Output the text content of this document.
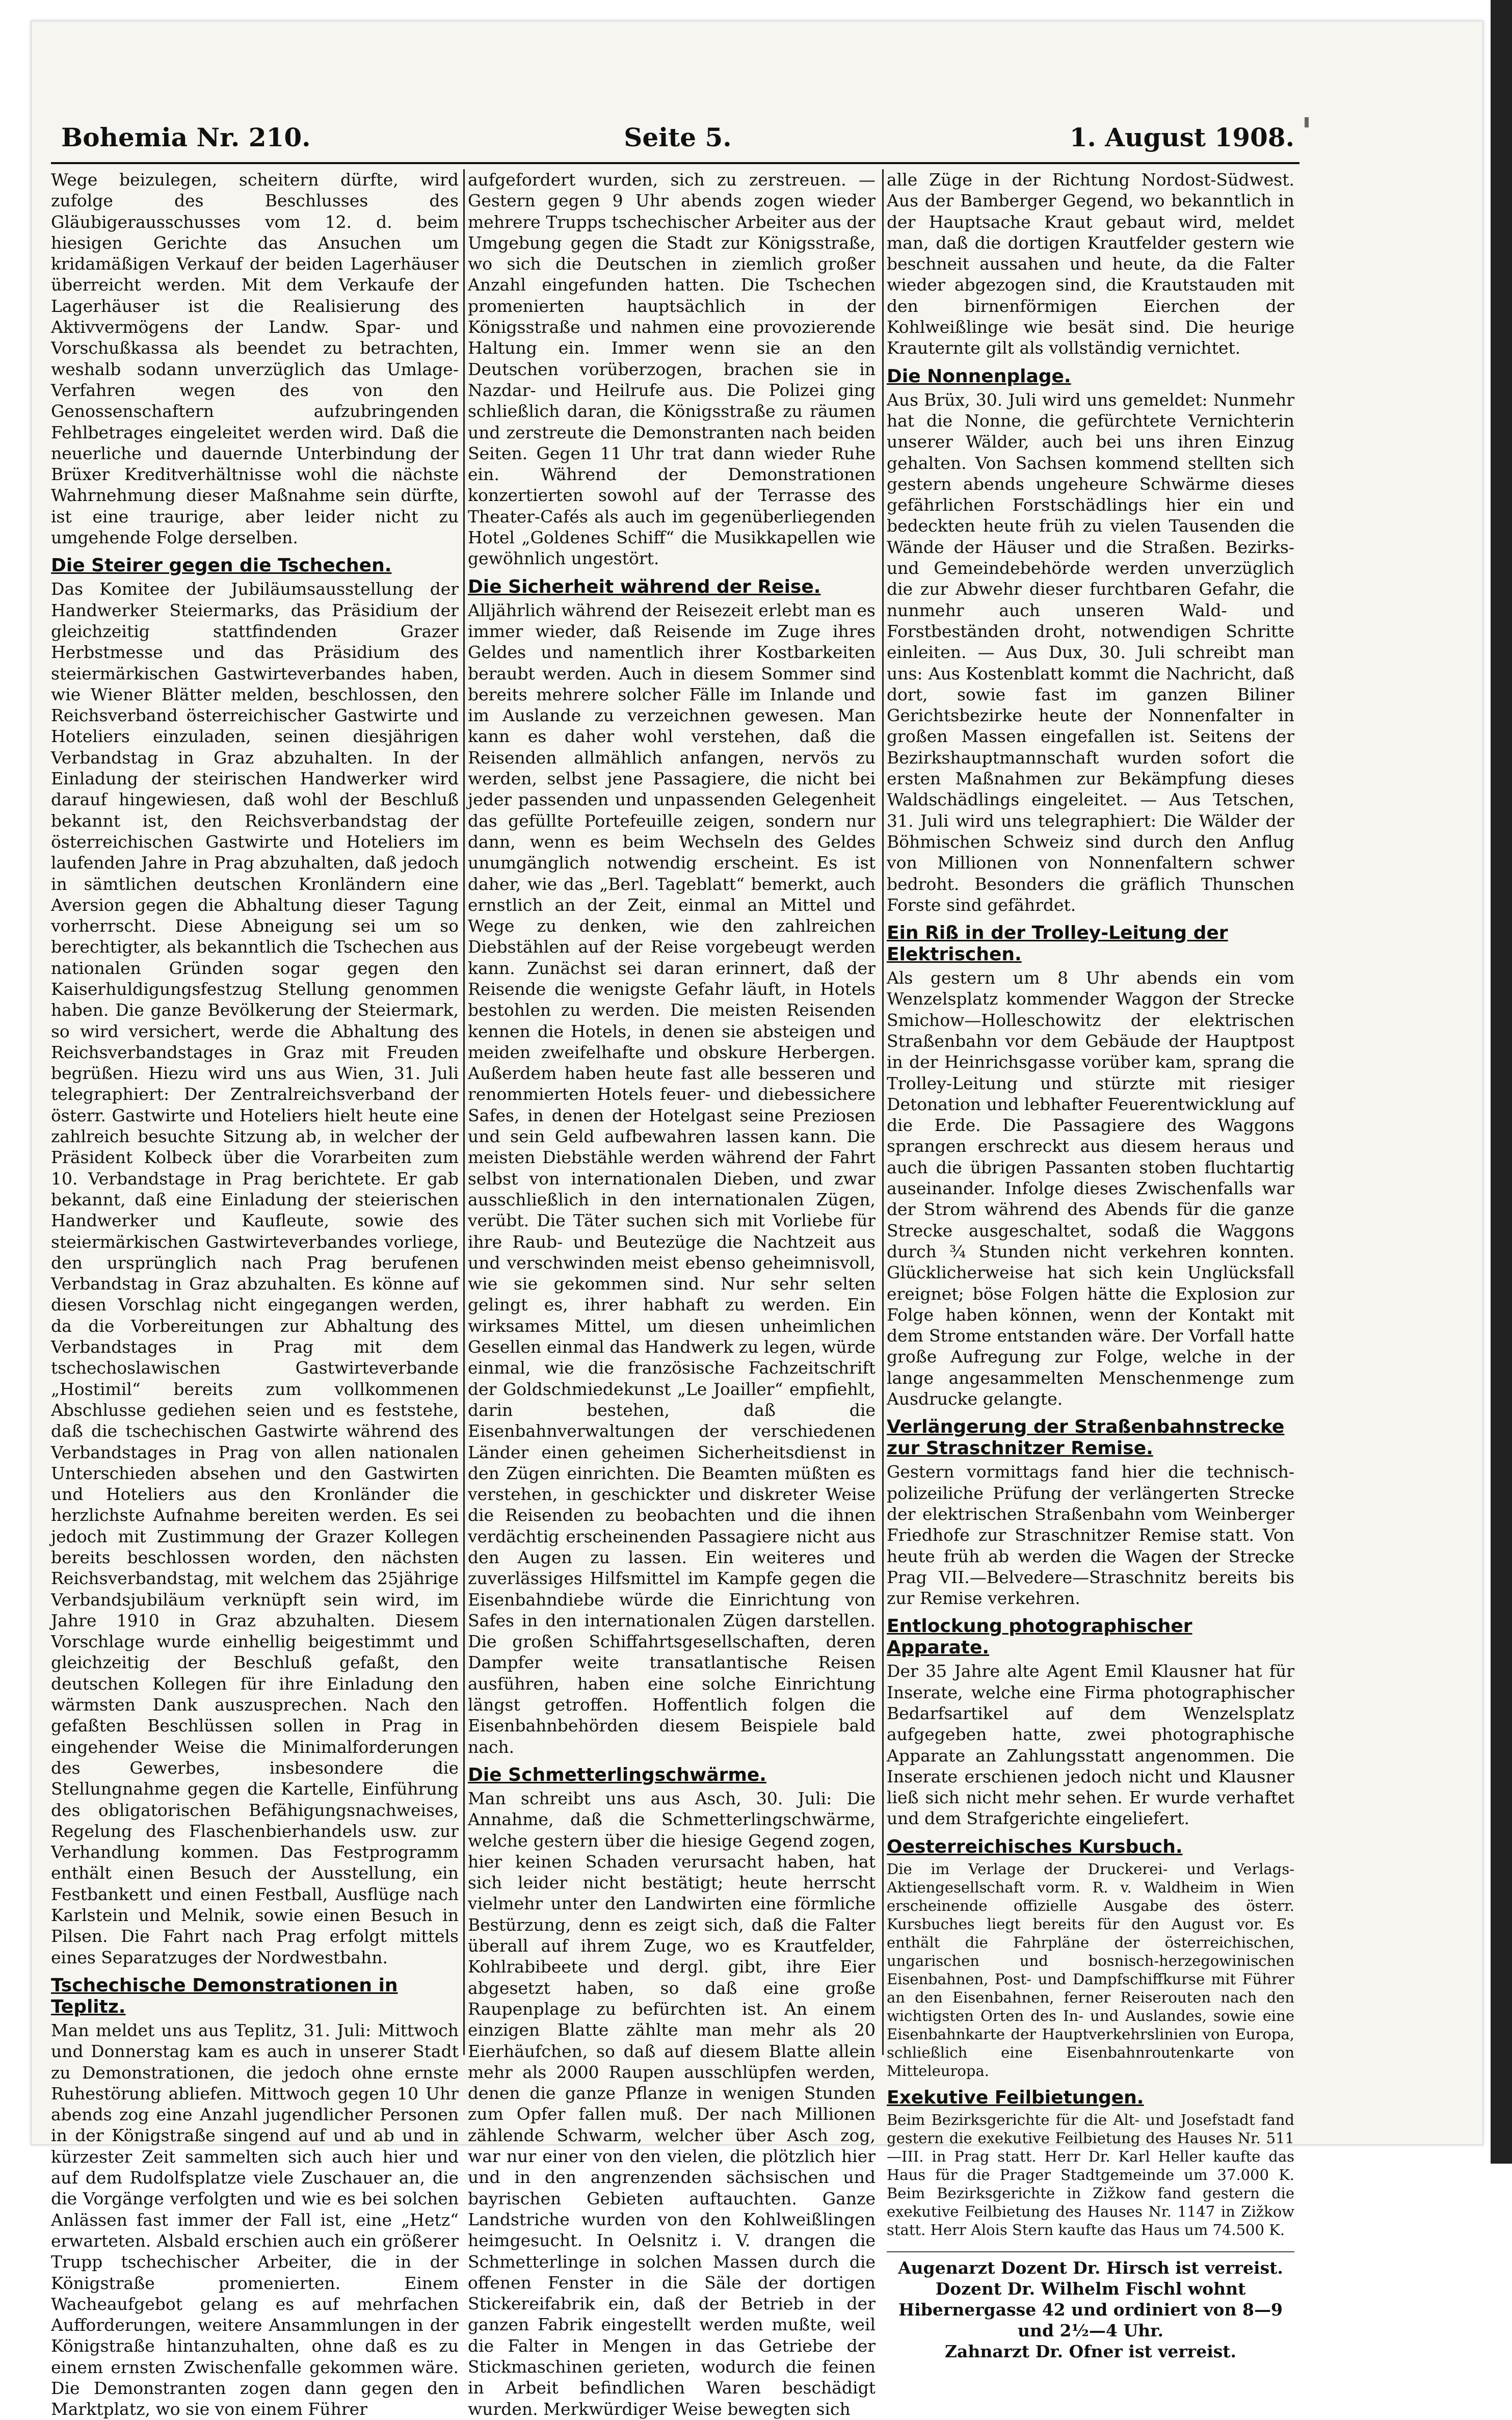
Bohemia Nr. 210.	Seite 5.	1. August 1908.

Wege beizulegen, scheitern dürfte, wird zufolge des Beschlusses des Gläubigerausschusses vom 12. d. beim hiesigen Gerichte das Ansuchen um kridamäßigen Verkauf der beiden Lagerhäuser überreicht werden. Mit dem Verkaufe der Lagerhäuser ist die Realisierung des Aktivvermögens der Landw. Spar- und Vorschußkassa als beendet zu betrachten, weshalb sodann unverzüglich das Umlage-Verfahren wegen des von den Genossenschaftern aufzubringenden Fehlbetrages eingeleitet werden wird. Daß die neuerliche und dauernde Unterbindung der Brüxer Kreditverhältnisse wohl die nächste Wahrnehmung dieser Maßnahme sein dürfte, ist eine traurige, aber leider nicht zu umgehende Folge derselben.

Die Steirer gegen die Tschechen.

Das Komitee der Jubiläumsausstellung der Handwerker Steiermarks, das Präsidium der gleichzeitig stattfindenden Grazer Herbstmesse und das Präsidium des steiermärkischen Gastwirteverbandes haben, wie Wiener Blätter melden, beschlossen, den Reichsverband österreichischer Gastwirte und Hoteliers einzuladen, seinen diesjährigen Verbandstag in Graz abzuhalten. In der Einladung der steirischen Handwerker wird darauf hingewiesen, daß wohl der Beschluß bekannt ist, den Reichsverbandstag der österreichischen Gastwirte und Hoteliers im laufenden Jahre in Prag abzuhalten, daß jedoch in sämtlichen deutschen Kronländern eine Aversion gegen die Abhaltung dieser Tagung vorherrscht. Diese Abneigung sei um so berechtigter, als bekanntlich die Tschechen aus nationalen Gründen sogar gegen den Kaiserhuldigungsfestzug Stellung genommen haben. Die ganze Bevölkerung der Steiermark, so wird versichert, werde die Abhaltung des Reichsverbandstages in Graz mit Freuden begrüßen. Hiezu wird uns aus Wien, 31. Juli telegraphiert: Der Zentralreichsverband der österr. Gastwirte und Hoteliers hielt heute eine zahlreich besuchte Sitzung ab, in welcher der Präsident Kolbeck über die Vorarbeiten zum 10. Verbandstage in Prag berichtete. Er gab bekannt, daß eine Einladung der steierischen Handwerker und Kaufleute, sowie des steiermärkischen Gastwirteverbandes vorliege, den ursprünglich nach Prag berufenen Verbandstag in Graz abzuhalten. Es könne auf diesen Vorschlag nicht eingegangen werden, da die Vorbereitungen zur Abhaltung des Verbandstages in Prag mit dem tschechoslawischen Gastwirteverbande „Hostimil“ bereits zum vollkommenen Abschlusse gediehen seien und es feststehe, daß die tschechischen Gastwirte während des Verbandstages in Prag von allen nationalen Unterschieden absehen und den Gastwirten und Hoteliers aus den Kronländer die herzlichste Aufnahme bereiten werden. Es sei jedoch mit Zustimmung der Grazer Kollegen bereits beschlossen worden, den nächsten Reichsverbandstag, mit welchem das 25jährige Verbandsjubiläum verknüpft sein wird, im Jahre 1910 in Graz abzuhalten. Diesem Vorschlage wurde einhellig beigestimmt und gleichzeitig der Beschluß gefaßt, den deutschen Kollegen für ihre Einladung den wärmsten Dank auszusprechen. Nach den gefaßten Beschlüssen sollen in Prag in eingehender Weise die Minimalforderungen des Gewerbes, insbesondere die Stellungnahme gegen die Kartelle, Einführung des obligatorischen Befähigungsnachweises, Regelung des Flaschenbierhandels usw. zur Verhandlung kommen. Das Festprogramm enthält einen Besuch der Ausstellung, ein Festbankett und einen Festball, Ausflüge nach Karlstein und Melnik, sowie einen Besuch in Pilsen. Die Fahrt nach Prag erfolgt mittels eines Separatzuges der Nordwestbahn.

Tschechische Demonstrationen in Teplitz.

Man meldet uns aus Teplitz, 31. Juli: Mittwoch und Donnerstag kam es auch in unserer Stadt zu Demonstrationen, die jedoch ohne ernste Ruhestörung abliefen. Mittwoch gegen 10 Uhr abends zog eine Anzahl jugendlicher Personen in der Königstraße singend auf und ab und in kürzester Zeit sammelten sich auch hier und auf dem Rudolfsplatze viele Zuschauer an, die die Vorgänge verfolgten und wie es bei solchen Anlässen fast immer der Fall ist, eine „Hetz“ erwarteten. Alsbald erschien auch ein größerer Trupp tschechischer Arbeiter, die in der Königstraße promenierten. Einem Wacheaufgebot gelang es auf mehrfachen Aufforderungen, weitere Ansammlungen in der Königstraße hintanzuhalten, ohne daß es zu einem ernsten Zwischenfalle gekommen wäre. Die Demonstranten zogen dann gegen den Marktplatz, wo sie von einem Führer

aufgefordert wurden, sich zu zerstreuen. — Gestern gegen 9 Uhr abends zogen wieder mehrere Trupps tschechischer Arbeiter aus der Umgebung gegen die Stadt zur Königsstraße, wo sich die Deutschen in ziemlich großer Anzahl eingefunden hatten. Die Tschechen promenierten hauptsächlich in der Königsstraße und nahmen eine provozierende Haltung ein. Immer wenn sie an den Deutschen vorüberzogen, brachen sie in Nazdar- und Heilrufe aus. Die Polizei ging schließlich daran, die Königsstraße zu räumen und zerstreute die Demonstranten nach beiden Seiten. Gegen 11 Uhr trat dann wieder Ruhe ein. Während der Demonstrationen konzertierten sowohl auf der Terrasse des Theater-Cafés als auch im gegenüberliegenden Hotel „Goldenes Schiff“ die Musikkapellen wie gewöhnlich ungestört.

Die Sicherheit während der Reise.

Alljährlich während der Reisezeit erlebt man es immer wieder, daß Reisende im Zuge ihres Geldes und namentlich ihrer Kostbarkeiten beraubt werden. Auch in diesem Sommer sind bereits mehrere solcher Fälle im Inlande und im Auslande zu verzeichnen gewesen. Man kann es daher wohl verstehen, daß die Reisenden allmählich anfangen, nervös zu werden, selbst jene Passagiere, die nicht bei jeder passenden und unpassenden Gelegenheit das gefüllte Portefeuille zeigen, sondern nur dann, wenn es beim Wechseln des Geldes unumgänglich notwendig erscheint. Es ist daher, wie das „Berl. Tageblatt“ bemerkt, auch ernstlich an der Zeit, einmal an Mittel und Wege zu denken, wie den zahlreichen Diebstählen auf der Reise vorgebeugt werden kann. Zunächst sei daran erinnert, daß der Reisende die wenigste Gefahr läuft, in Hotels bestohlen zu werden. Die meisten Reisenden kennen die Hotels, in denen sie absteigen und meiden zweifelhafte und obskure Herbergen. Außerdem haben heute fast alle besseren und renommierten Hotels feuer- und diebessichere Safes, in denen der Hotelgast seine Preziosen und sein Geld aufbewahren lassen kann. Die meisten Diebstähle werden während der Fahrt selbst von internationalen Dieben, und zwar ausschließlich in den internationalen Zügen, verübt. Die Täter suchen sich mit Vorliebe für ihre Raub- und Beutezüge die Nachtzeit aus und verschwinden meist ebenso geheimnisvoll, wie sie gekommen sind. Nur sehr selten gelingt es, ihrer habhaft zu werden. Ein wirksames Mittel, um diesen unheimlichen Gesellen einmal das Handwerk zu legen, würde einmal, wie die französische Fachzeitschrift der Goldschmiedekunst „Le Joailler“ empfiehlt, darin bestehen, daß die Eisenbahnverwaltungen der verschiedenen Länder einen geheimen Sicherheitsdienst in den Zügen einrichten. Die Beamten müßten es verstehen, in geschickter und diskreter Weise die Reisenden zu beobachten und die ihnen verdächtig erscheinenden Passagiere nicht aus den Augen zu lassen. Ein weiteres und zuverlässiges Hilfsmittel im Kampfe gegen die Eisenbahndiebe würde die Einrichtung von Safes in den internationalen Zügen darstellen. Die großen Schiffahrtsgesellschaften, deren Dampfer weite transatlantische Reisen ausführen, haben eine solche Einrichtung längst getroffen. Hoffentlich folgen die Eisenbahnbehörden diesem Beispiele bald nach.

Die Schmetterlingschwärme.

Man schreibt uns aus Asch, 30. Juli: Die Annahme, daß die Schmetterlingschwärme, welche gestern über die hiesige Gegend zogen, hier keinen Schaden verursacht haben, hat sich leider nicht bestätigt; heute herrscht vielmehr unter den Landwirten eine förmliche Bestürzung, denn es zeigt sich, daß die Falter überall auf ihrem Zuge, wo es Krautfelder, Kohlrabibeete und dergl. gibt, ihre Eier abgesetzt haben, so daß eine große Raupenplage zu befürchten ist. An einem einzigen Blatte zählte man mehr als 20 Eierhäufchen, so daß auf diesem Blatte allein mehr als 2000 Raupen ausschlüpfen werden, denen die ganze Pflanze in wenigen Stunden zum Opfer fallen muß. Der nach Millionen zählende Schwarm, welcher über Asch zog, war nur einer von den vielen, die plötzlich hier und in den angrenzenden sächsischen und bayrischen Gebieten auftauchten. Ganze Landstriche wurden von den Kohlweißlingen heimgesucht. In Oelsnitz i. V. drangen die Schmetterlinge in solchen Massen durch die offenen Fenster in die Säle der dortigen Stickereifabrik ein, daß der Betrieb in der ganzen Fabrik eingestellt werden mußte, weil die Falter in Mengen in das Getriebe der Stickmaschinen gerieten, wodurch die feinen in Arbeit befindlichen Waren beschädigt wurden. Merkwürdiger Weise bewegten sich

alle Züge in der Richtung Nordost-Südwest. Aus der Bamberger Gegend, wo bekanntlich in der Hauptsache Kraut gebaut wird, meldet man, daß die dortigen Krautfelder gestern wie beschneit aussahen und heute, da die Falter wieder abgezogen sind, die Krautstauden mit den birnenförmigen Eierchen der Kohlweißlinge wie besät sind. Die heurige Krauternte gilt als vollständig vernichtet.

Die Nonnenplage.

Aus Brüx, 30. Juli wird uns gemeldet: Nunmehr hat die Nonne, die gefürchtete Vernichterin unserer Wälder, auch bei uns ihren Einzug gehalten. Von Sachsen kommend stellten sich gestern abends ungeheure Schwärme dieses gefährlichen Forstschädlings hier ein und bedeckten heute früh zu vielen Tausenden die Wände der Häuser und die Straßen. Bezirks- und Gemeindebehörde werden unverzüglich die zur Abwehr dieser furchtbaren Gefahr, die nunmehr auch unseren Wald- und Forstbeständen droht, notwendigen Schritte einleiten. — Aus Dux, 30. Juli schreibt man uns: Aus Kostenblatt kommt die Nachricht, daß dort, sowie fast im ganzen Biliner Gerichtsbezirke heute der Nonnenfalter in großen Massen eingefallen ist. Seitens der Bezirkshauptmannschaft wurden sofort die ersten Maßnahmen zur Bekämpfung dieses Waldschädlings eingeleitet. — Aus Tetschen, 31. Juli wird uns telegraphiert: Die Wälder der Böhmischen Schweiz sind durch den Anflug von Millionen von Nonnenfaltern schwer bedroht. Besonders die gräflich Thunschen Forste sind gefährdet.

Ein Riß in der Trolley-Leitung der Elektrischen.

Als gestern um 8 Uhr abends ein vom Wenzelsplatz kommender Waggon der Strecke Smichow—Holleschowitz der elektrischen Straßenbahn vor dem Gebäude der Hauptpost in der Heinrichsgasse vorüber kam, sprang die Trolley-Leitung und stürzte mit riesiger Detonation und lebhafter Feuerentwicklung auf die Erde. Die Passagiere des Waggons sprangen erschreckt aus diesem heraus und auch die übrigen Passanten stoben fluchtartig auseinander. Infolge dieses Zwischenfalls war der Strom während des Abends für die ganze Strecke ausgeschaltet, sodaß die Waggons durch ¾ Stunden nicht verkehren konnten. Glücklicherweise hat sich kein Unglücksfall ereignet; böse Folgen hätte die Explosion zur Folge haben können, wenn der Kontakt mit dem Strome entstanden wäre. Der Vorfall hatte große Aufregung zur Folge, welche in der lange angesammelten Menschenmenge zum Ausdrucke gelangte.

Verlängerung der Straßenbahnstrecke zur Straschnitzer Remise.

Gestern vormittags fand hier die technisch-polizeiliche Prüfung der verlängerten Strecke der elektrischen Straßenbahn vom Weinberger Friedhofe zur Straschnitzer Remise statt. Von heute früh ab werden die Wagen der Strecke Prag VII.—Belvedere—Straschnitz bereits bis zur Remise verkehren.

Entlockung photographischer Apparate.

Der 35 Jahre alte Agent Emil Klausner hat für Inserate, welche eine Firma photographischer Bedarfsartikel auf dem Wenzelsplatz aufgegeben hatte, zwei photographische Apparate an Zahlungsstatt angenommen. Die Inserate erschienen jedoch nicht und Klausner ließ sich nicht mehr sehen. Er wurde verhaftet und dem Strafgerichte eingeliefert.

Oesterreichisches Kursbuch.

Die im Verlage der Druckerei- und Verlags-Aktiengesellschaft vorm. R. v. Waldheim in Wien erscheinende offizielle Ausgabe des österr. Kursbuches liegt bereits für den August vor. Es enthält die Fahrpläne der österreichischen, ungarischen und bosnisch-herzegowinischen Eisenbahnen, Post- und Dampfschiffkurse mit Führer an den Eisenbahnen, ferner Reiserouten nach den wichtigsten Orten des In- und Auslandes, sowie eine Eisenbahnkarte der Hauptverkehrslinien von Europa, schließlich eine Eisenbahnroutenkarte von Mitteleuropa.

Exekutive Feilbietungen.

Beim Bezirksgerichte für die Alt- und Josefstadt fand gestern die exekutive Feilbietung des Hauses Nr. 511—III. in Prag statt. Herr Dr. Karl Heller kaufte das Haus für die Prager Stadtgemeinde um 37.000 K. Beim Bezirksgerichte in Zižkow fand gestern die exekutive Feilbietung des Hauses Nr. 1147 in Zižkow statt. Herr Alois Stern kaufte das Haus um 74.500 K.

Augenarzt Dozent Dr. Hirsch ist verreist.

Dozent Dr. Wilhelm Fischl wohnt Hibernergasse 42 und ordiniert von 8—9 und 2½—4 Uhr.

Zahnarzt Dr. Ofner ist verreist.
